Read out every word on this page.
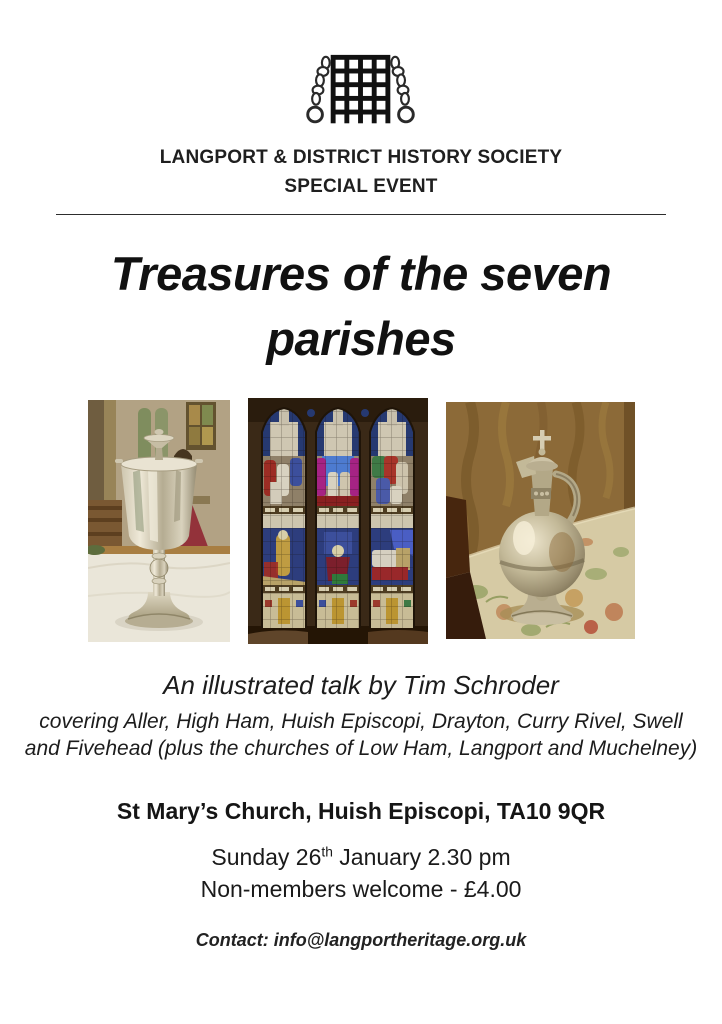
LANGPORT & DISTRICT HISTORY SOCIETY
SPECIAL EVENT
Treasures of the seven
parishes
An illustrated talk by Tim Schroder
covering Aller, High Ham, Huish Episcopi, Drayton, Curry Rivel, Swell
and Fivehead (plus the churches of Low Ham, Langport and Muchelney)
St Mary’s Church, Huish Episcopi, TA10 9QR
Sunday 26th January 2.30 pm
Non-members welcome - £4.00
Contact: info@langportheritage.org.uk
